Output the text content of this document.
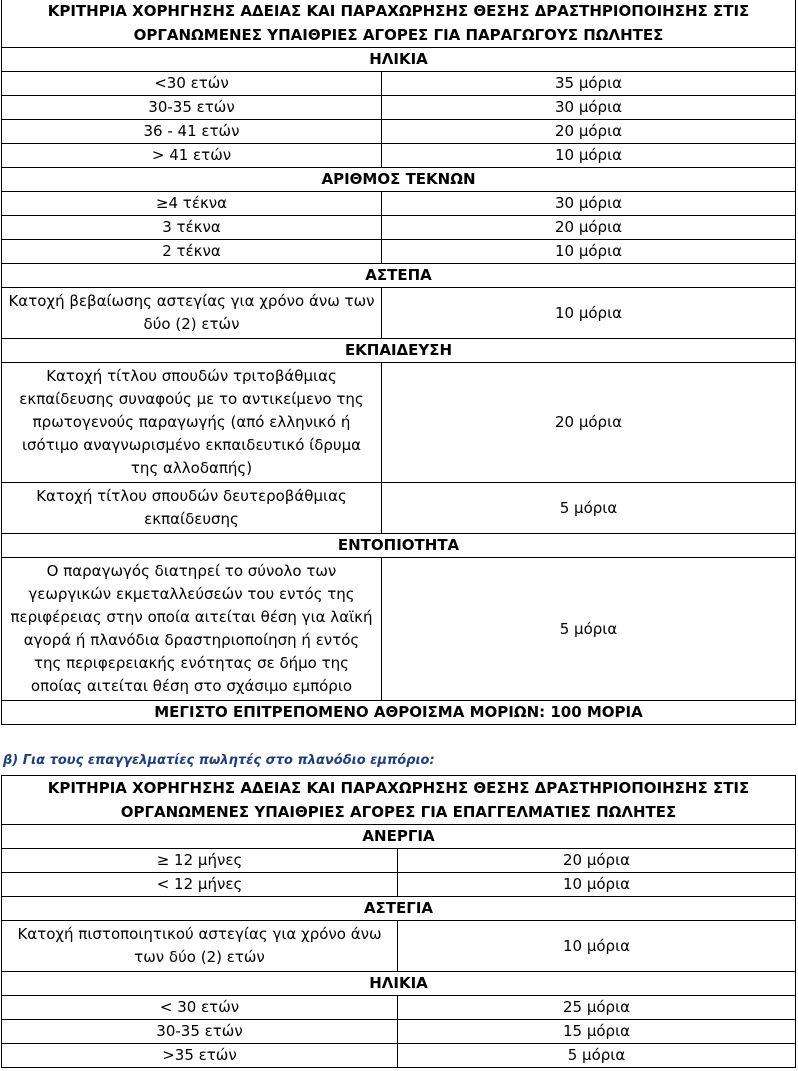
ΚΡΙΤΗΡΙΑ ΧΟΡΗΓΗΣΗΣ ΑΔΕΙΑΣ ΚΑΙ ΠΑΡΑΧΩΡΗΣΗΣ ΘΕΣΗΣ ΔΡΑΣΤΗΡΙΟΠΟΙΗΣΗΣ ΣΤΙΣ ΟΡΓΑΝΩΜΕΝΕΣ ΥΠΑΙΘΡΙΕΣ ΑΓΟΡΕΣ ΓΙΑ ΠΑΡΑΓΩΓΟΥΣ ΠΩΛΗΤΕΣ	
ΗΛΙΚΙΑ	
<30 ετών	35 μόρια
30-35 ετών	30 μόρια
36 - 41 ετών	20 μόρια
> 41 ετών	10 μόρια
ΑΡΙΘΜΟΣ ΤΕΚΝΩΝ	
≥4 τέκνα	30 μόρια
3 τέκνα	20 μόρια
2 τέκνα	10 μόρια
ΑΣΤΕΠΑ	
Κατοχή βεβαίωσης αστεγίας για χρόνο άνω των δύο (2) ετών	10 μόρια
ΕΚΠΑΙΔΕΥΣΗ	
Κατοχή τίτλου σπουδών τριτοβάθμιας εκπαίδευσης συναφούς με το αντικείμενο της πρωτογενούς παραγωγής (από ελληνικό ή ισότιμο αναγνωρισμένο εκπαιδευτικό ίδρυμα της αλλοδαπής)	20 μόρια
Κατοχή τίτλου σπουδών δευτεροβάθμιας εκπαίδευσης	5 μόρια
ΕΝΤΟΠΙΟΤΗΤΑ	
Ο παραγωγός διατηρεί το σύνολο των γεωργικών εκμεταλλεύσεών του εντός της περιφέρειας στην οποία αιτείται θέση για λαϊκή αγορά ή πλανόδια δραστηριοποίηση ή εντός της περιφερειακής ενότητας σε δήμο της οποίας αιτείται θέση στο σχάσιμο εμπόριο	5 μόρια
ΜΕΓΙΣΤΟ ΕΠΙΤΡΕΠΟΜΕΝΟ ΑΘΡΟΙΣΜΑ ΜΟΡΙΩΝ: 100 ΜΟΡΙΑ	
β) Για τους επαγγελματίες πωλητές στο πλανόδιο εμπόριο:
ΚΡΙΤΗΡΙΑ ΧΟΡΗΓΗΣΗΣ ΑΔΕΙΑΣ ΚΑΙ ΠΑΡΑΧΩΡΗΣΗΣ ΘΕΣΗΣ ΔΡΑΣΤΗΡΙΟΠΟΙΗΣΗΣ ΣΤΙΣ ΟΡΓΑΝΩΜΕΝΕΣ ΥΠΑΙΘΡΙΕΣ ΑΓΟΡΕΣ ΓΙΑ ΕΠΑΓΓΕΛΜΑΤΙΕΣ ΠΩΛΗΤΕΣ	
ΑΝΕΡΓΙΑ	
≥ 12 μήνες	20 μόρια
< 12 μήνες	10 μόρια
ΑΣΤΕΓΙΑ	
Κατοχή πιστοποιητικού αστεγίας για χρόνο άνω των δύο (2) ετών	10 μόρια
ΗΛΙΚΙΑ	
< 30 ετών	25 μόρια
30-35 ετών	15 μόρια
>35 ετών	5 μόρια
